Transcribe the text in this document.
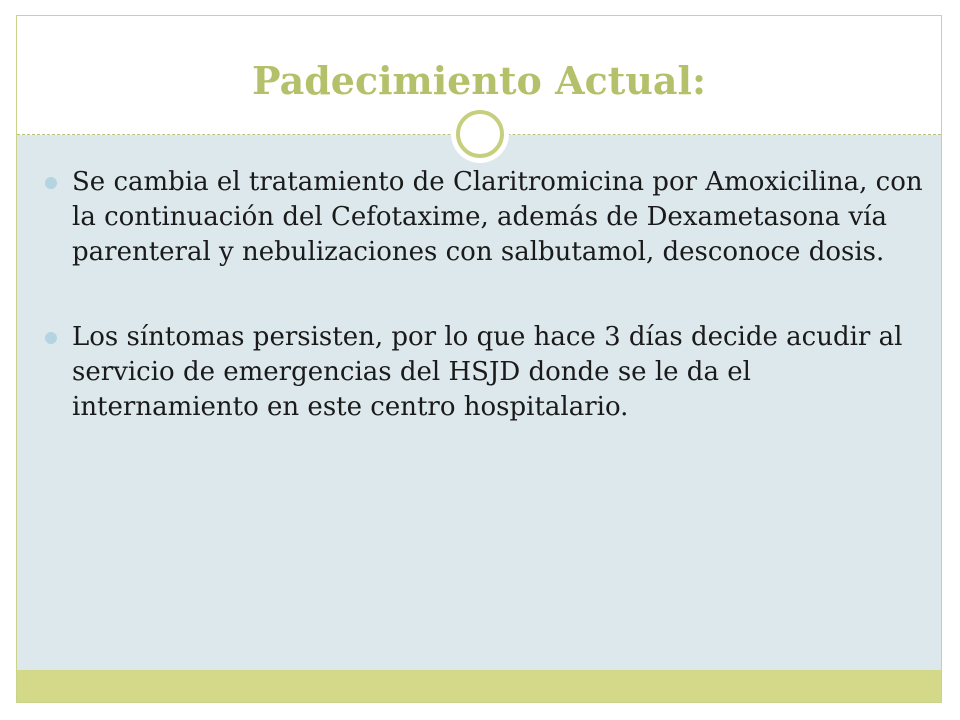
Padecimiento Actual:
Se cambia el tratamiento de Claritromicina por Amoxicilina, con la continuación del Cefotaxime, además de Dexametasona vía parenteral y nebulizaciones con salbutamol, desconoce dosis.
Los síntomas persisten, por lo que hace 3 días decide acudir al servicio de emergencias del HSJD donde se le da el internamiento en este centro hospitalario.
